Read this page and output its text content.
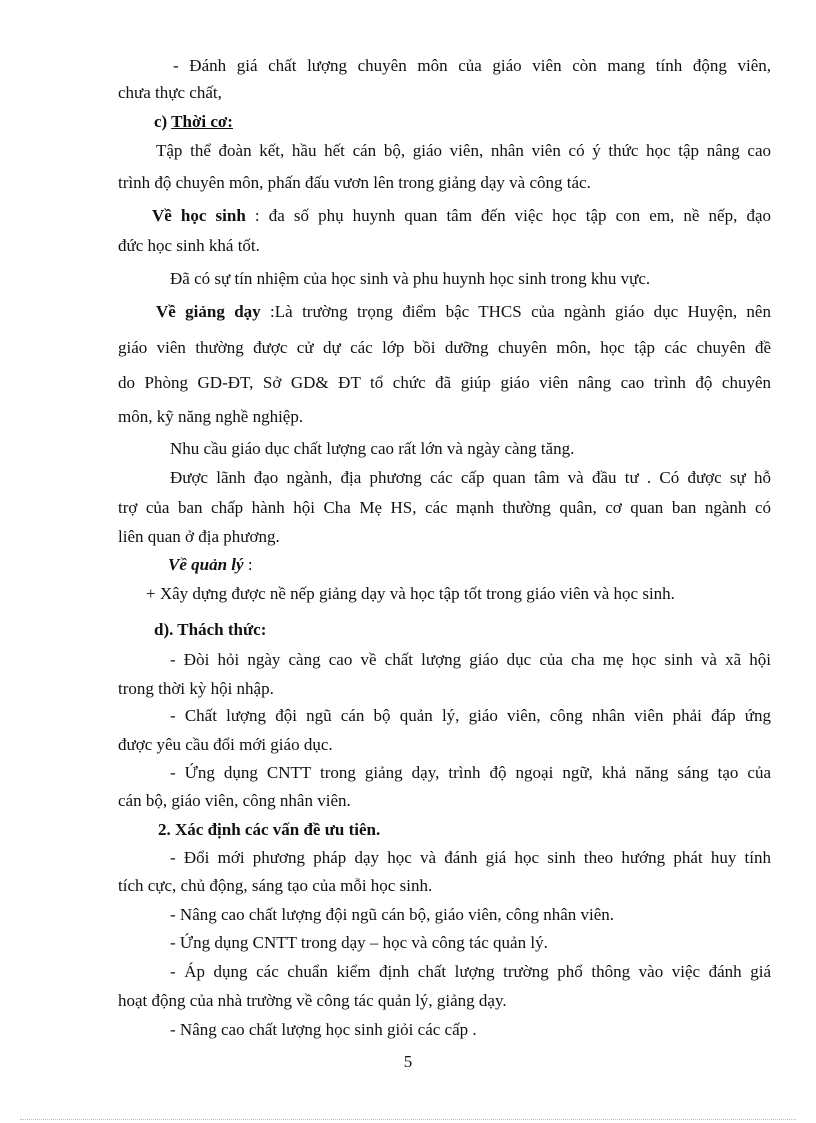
- Đánh giá chất lượng chuyên môn của giáo viên còn mang tính động viên,
chưa thực chất,
c) Thời cơ:
Tập thể đoàn kết, hầu hết cán bộ, giáo viên, nhân viên có ý thức học tập nâng cao
trình độ chuyên môn, phấn đấu vươn lên trong giảng dạy và công tác.
Về học sinh : đa số phụ huynh quan tâm đến việc học tập con em, nề nếp, đạo
đức học sinh khá tốt.
Đã có sự tín nhiệm của học sinh và phu huynh học sinh trong khu vực.
Về giảng dạy :Là trường trọng điểm bậc THCS của ngành giáo dục Huyện, nên
giáo viên thường được cử dự các lớp bồi dưỡng chuyên môn, học tập các chuyên đề
do Phòng GD-ĐT, Sở GD& ĐT tổ chức đã giúp giáo viên nâng cao trình độ chuyên
môn, kỹ năng nghề nghiệp.
Nhu cầu giáo dục chất lượng cao rất lớn và ngày càng tăng.
Được lãnh đạo ngành, địa phương các cấp quan tâm và đầu tư . Có được sự hỗ
trợ của ban chấp hành hội Cha Mẹ HS, các mạnh thường quân, cơ quan ban ngành có
liên quan ở địa phương.
Về quản lý :
+ Xây dựng được nề nếp giảng dạy và học tập tốt trong giáo viên và học sinh.
d). Thách thức:
- Đòi hỏi ngày càng cao về chất lượng giáo dục của cha mẹ học sinh và xã hội
trong thời kỳ hội nhập.
- Chất lượng đội ngũ cán bộ quản lý, giáo viên, công nhân viên phải đáp ứng
được yêu cầu đổi mới giáo dục.
- Ứng dụng CNTT trong giảng dạy, trình độ ngoại ngữ, khả năng sáng tạo của
cán bộ, giáo viên, công nhân viên.
2. Xác định các vấn đề ưu tiên.
- Đổi mới phương pháp dạy học và đánh giá học sinh theo hướng phát huy tính
tích cực, chủ động, sáng tạo của mỗi học sinh.
- Nâng cao chất lượng đội ngũ cán bộ, giáo viên, công nhân viên.
- Ứng dụng CNTT trong dạy – học và công tác quản lý.
- Áp dụng các chuẩn kiểm định chất lượng trường phổ thông vào việc đánh giá
hoạt động của nhà trường về công tác quản lý, giảng dạy.
- Nâng cao chất lượng học sinh giỏi các cấp .
5
